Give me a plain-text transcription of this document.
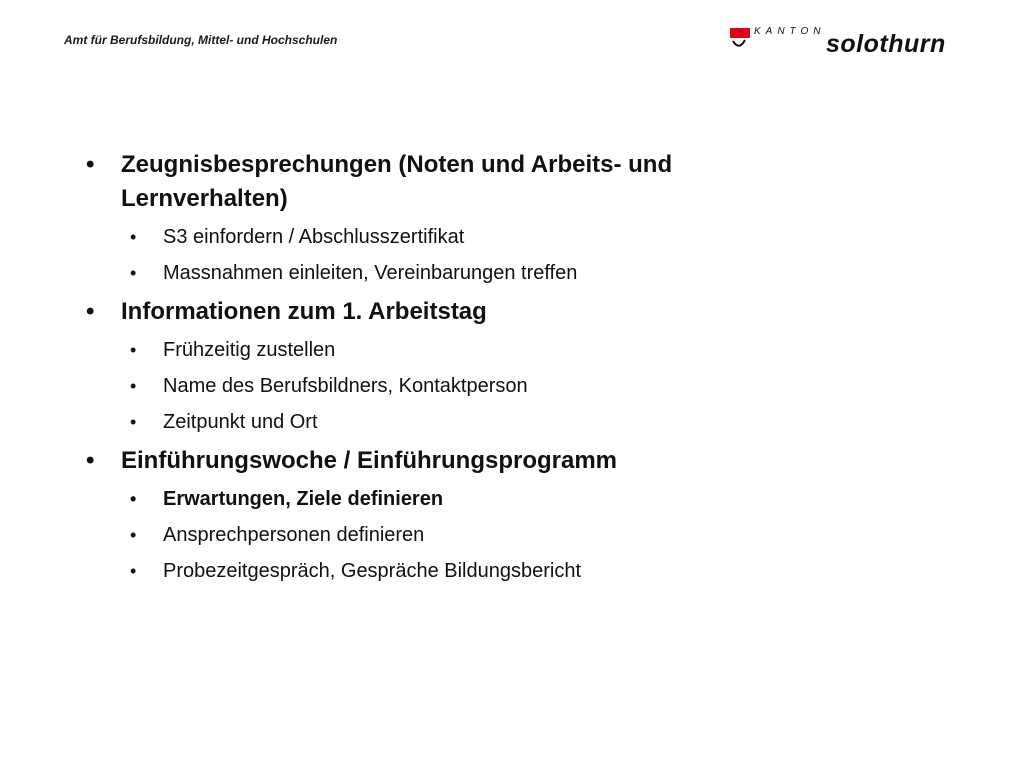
Amt für Berufsbildung, Mittel- und Hochschulen
KANTON solothurn
• Zeugnisbesprechungen (Noten und Arbeits- und Lernverhalten)
• S3 einfordern / Abschlusszertifikat
• Massnahmen einleiten, Vereinbarungen treffen
• Informationen zum 1. Arbeitstag
• Frühzeitig zustellen
• Name des Berufsbildners, Kontaktperson
• Zeitpunkt und Ort
• Einführungswoche / Einführungsprogramm
• Erwartungen, Ziele definieren
• Ansprechpersonen definieren
• Probezeitgespräch, Gespräche Bildungsbericht
